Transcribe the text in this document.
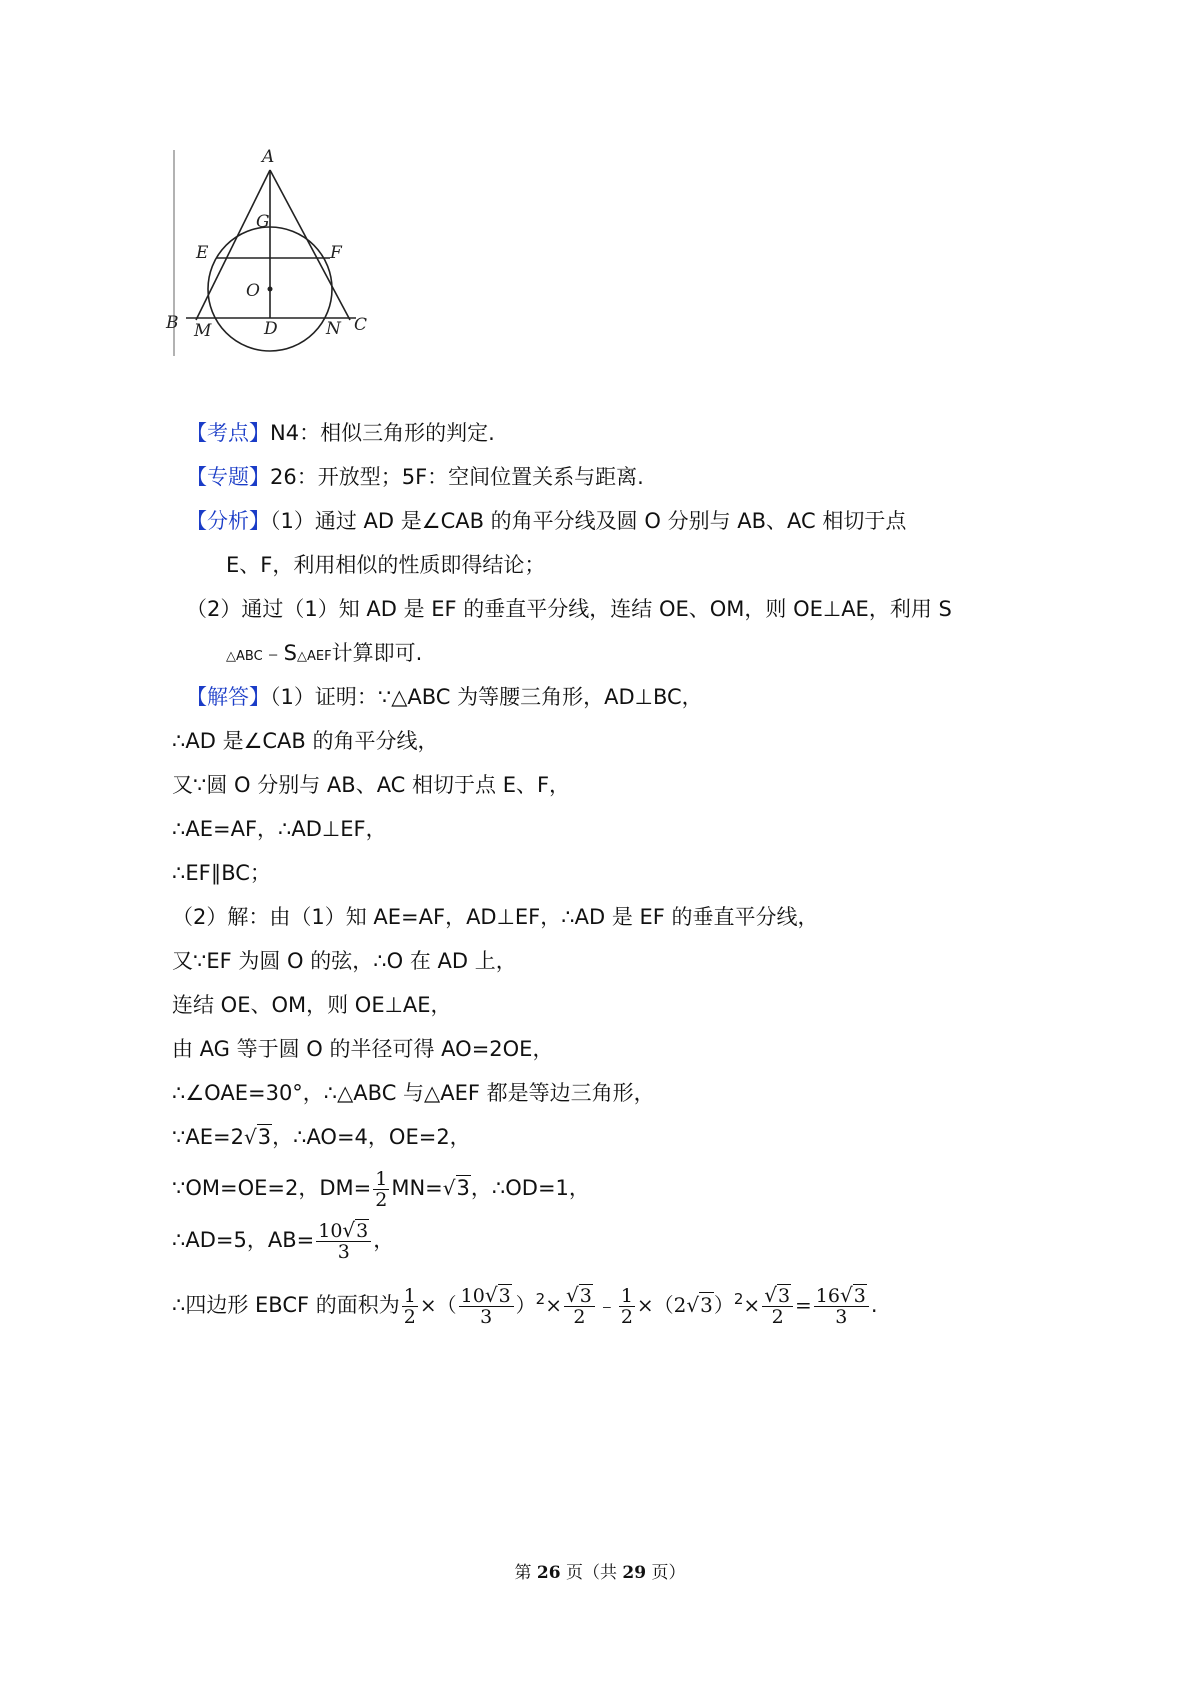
A
G
E	F
O
B M	D	N C
【考点】N4：相似三角形的判定.
【专题】26：开放型；5F：空间位置关系与距离.
【分析】（1）通过 AD 是∠CAB 的角平分线及圆 O 分别与 AB、AC 相切于点
E、F，利用相似的性质即得结论；
（2）通过（1）知 AD 是 EF 的垂直平分线，连结 OE、OM，则 OE⊥AE，利用 S
△ABC﹣S△AEF计算即可.
【解答】（1）证明：∵△ABC 为等腰三角形，AD⊥BC，
∴AD 是∠CAB 的角平分线，
又∵圆 O 分别与 AB、AC 相切于点 E、F，
∴AE=AF，∴AD⊥EF，
∴EF∥BC；
（2）解：由（1）知 AE=AF，AD⊥EF，∴AD 是 EF 的垂直平分线，
又∵EF 为圆 O 的弦，∴O 在 AD 上，
连结 OE、OM，则 OE⊥AE，
由 AG 等于圆 O 的半径可得 AO=2OE，
∴∠OAE=30°，∴△ABC 与△AEF 都是等边三角形，
∵AE=2√3，∴AO=4，OE=2，
∵OM=OE=2，$DM= \frac{1}{2} MN=√3$，∴OD=1，
∴AD=5，$AB= \frac{10√3}{3}$ ，
∴四边形 EBCF 的面积为 $\frac{1}{2}$ ×（ $\frac{10√3}{3} )^2\times \frac{√3}{2}$ ﹣ $\frac{1}{2} \times(2√3)^2\times \frac{√3}{2} = \frac{16√3}{3}$ .
第 26 页（共 29 页）
